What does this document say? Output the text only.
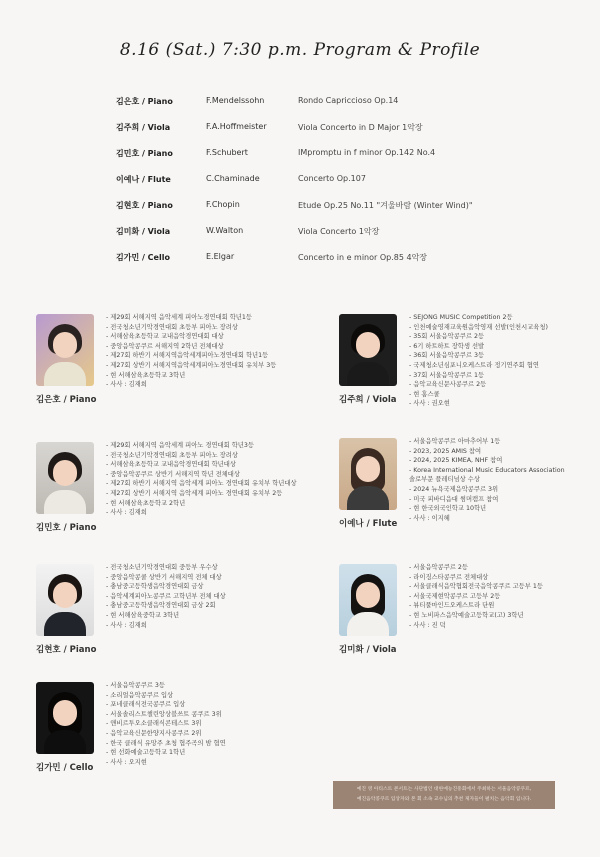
8.16 (Sat.) 7:30 p.m. Program & Profile
김은호 / Piano	F.Mendelssohn	Rondo Capriccioso Op.14
김주희 / Viola	F.A.Hoffmeister	Viola Concerto in D Major 1악장
김민호 / Piano	F.Schubert	IMpromptu in f minor Op.142 No.4
이예나 / Flute	C.Chaminade	Concerto Op.107
김현호 / Piano	F.Chopin	Etude Op.25 No.11 "겨울바람 (Winter Wind)"
김미화 / Viola	W.Walton	Viola Concerto 1악장
김가민 / Cello	E.Elgar	Concerto in e minor Op.85 4악장
김은호 / Piano
- 제29회 서해지역 음악세계 피아노경연대회 학년1등
- 전국청소년기악경연대회 초등부 피아노 장려상
- 서해삼육초등학교 교내음악경연대회 대상
- 중앙음악콩쿠르 서해지역 2학년 전체대상
- 제27회 하반기 서해지역음악세계피아노경연대회 학년1등
- 제27회 상반기 서해지역음악세계피아노경연대회 유치부 3등
- 현 서해삼육초등학교 3학년
- 사사 : 김재희
김주희 / Viola
- SEJONG MUSIC Competition 2등
- 인천예술영재교육원음악영재 선발(인천시교육청)
- 35회 서울음악콩쿠르 2등
- 6기 하트하트 장학생 선발
- 36회 서울음악콩쿠르 3등
- 국제청소년심포니오케스트라 정기연주회 협연
- 37회 서울음악콩쿠르 1등
- 음악교육신문사콩쿠르 2등
- 현 홈스쿨
- 사사 : 권오현
김민호 / Piano
- 제29회 서해지역 음악세계 피아노 경연대회 학년3등
- 전국청소년기악경연대회 초등부 피아노 장려상
- 서해삼육초등학교 교내음악경연대회 학년대상
- 중앙음악콩쿠르 상반기 서해지역 학년 전체대상
- 제27회 하반기 서해지역 음악세계 피아노 경연대회 유치부 학년대상
- 제27회 상반기 서해지역 음악세계 피아노 경연대회 유치부 2등
- 현 서해삼육초등학교 2학년
- 사사 : 김재희
이예나 / Flute
- 서울음악콩쿠르 아마추어부 1등
- 2023, 2025 AMIS 참여
- 2024, 2025 KIMEA, NHF 참여
- Korea International Music Educators Association
솔로부문 플레티넘상 수상
- 2024 뉴욕국제음악콩쿠르 3위
- 미국 피바디음대 썸머캠프 참여
- 현 한국외국인학교 10학년
- 사사 : 이지혜
김현호 / Piano
- 전국청소년기악경연대회 중등부 우수상
- 중앙음악콩쿨 상반기 서해지역 전체 대상
- 충남중고등학생음악경연대회 금상
- 음악세계피아노콩쿠르 고학년부 전체 대상
- 충남중고등학생음악경연대회 금상 2회
- 현 서해삼육중학교 3학년
- 사사 : 김재희
김미화 / Viola
- 서울음악콩쿠르 2등
- 라이징스타콩쿠르 전체대상
- 서울클래식음악협회전국음악콩쿠르 고등부 1등
- 서울국제현악콩쿠르 고등부 2등
- 뷰티풀마인드오케스트라 단원
- 현 노비파스음악예술고등학교(고) 3학년
- 사사 : 진 덕
김가민 / Cello
- 서울음악콩쿠르 3등
- 소리얼음악콩쿠르 입상
- 포네클래식전국콩쿠르 입상
- 서울솔리스트챌린앙상블쓰트 콩쿠르 3위
- 앤비르투오소클래식콘테스트 3위
- 음악교육신문한양지사콩쿠르 2위
- 한국 클래식 유망주 초청 협주곡의 밤 협연
- 현 선화예술고등학교 1학년
- 사사 : 오지현
예진 영 아티스트 콘서트는 사단법인 대한예능진흥회에서 주최하는 서울음악콩쿠르,
예진음악콩쿠르 입상자와 본 회 소속 교수님의 추천 제자들이 펼치는 음악회 입니다.
